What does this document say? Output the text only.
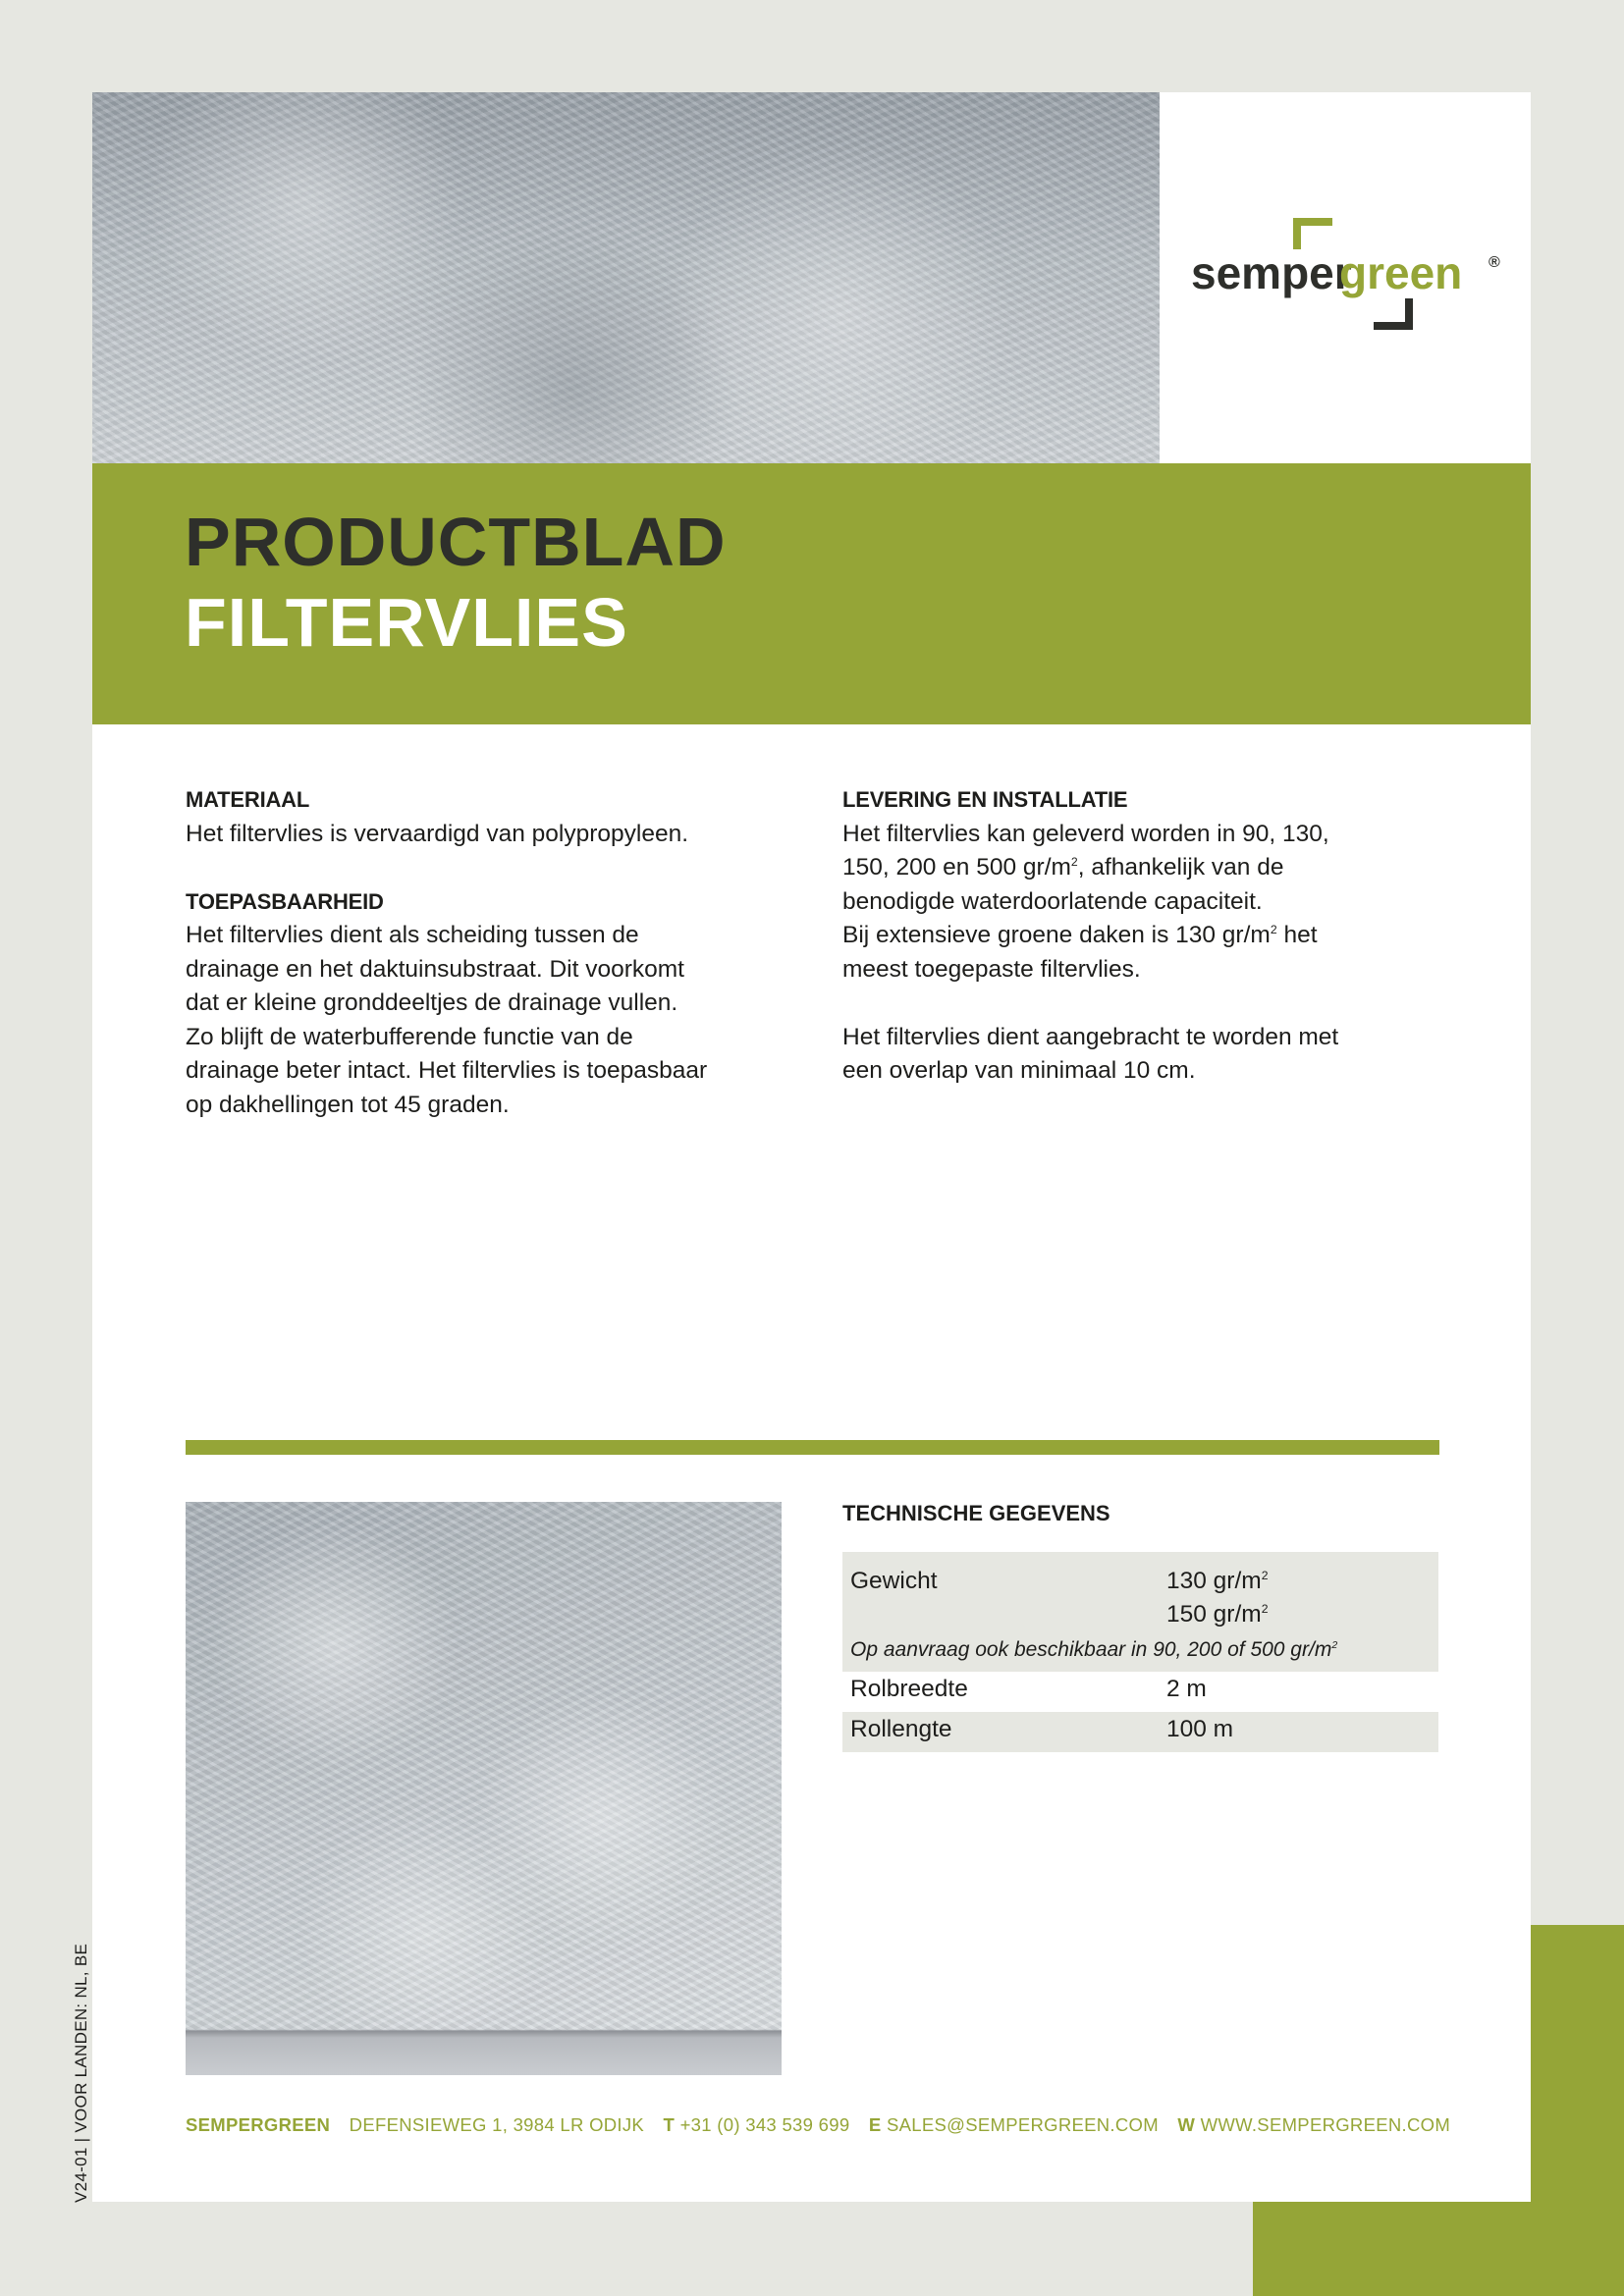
V24-01 | VOOR LANDEN: NL, BE
semper
green ®
PRODUCTBLAD
FILTERVLIES
MATERIAAL

Het filtervlies is vervaardigd van polypropyleen.

TOEPASBAARHEID

Het filtervlies dient als scheiding tussen de

drainage en het daktuinsubstraat. Dit voorkomt

dat er kleine gronddeeltjes de drainage vullen.

Zo blijft de waterbufferende functie van de

drainage beter intact. Het filtervlies is toepasbaar

op dakhellingen tot 45 graden.

LEVERING EN INSTALLATIE

Het filtervlies kan geleverd worden in 90, 130,

150, 200 en 500 $gr/m^2$, afhankelijk van de

benodigde waterdoorlatende capaciteit.

Bij extensieve groene daken is 130 $gr/m^2$ het

meest toegepaste filtervlies.

Het filtervlies dient aangebracht te worden met

een overlap van minimaal 10 cm.

TECHNISCHE GEGEVENS
Gewicht	130 $gr/m^2$
150 $gr/m^2$
Op aanvraag ook beschikbaar in 90, 200 of 500 $gr/m^2$
Rolbreedte	2 m
Rollengte	100 m
SEMPERGREEN DEFENSIEWEG 1, 3984 LR ODIJK T +31 (0) 343 539 699 E SALES@SEMPERGREEN.COM W WWW.SEMPERGREEN.COM
